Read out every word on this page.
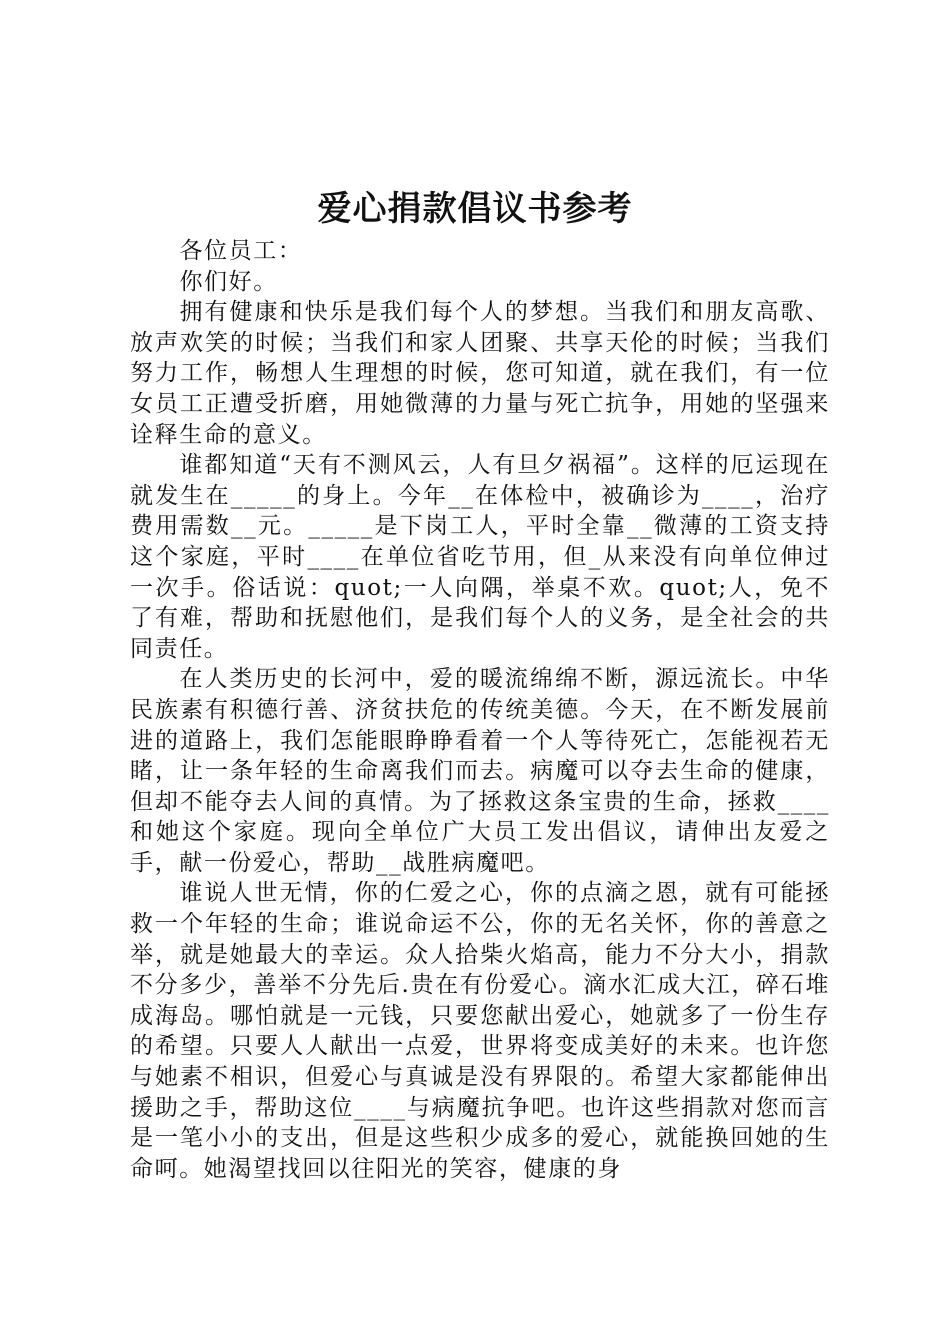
爱心捐款倡议书参考

各位员工：

你们好。

拥有健康和快乐是我们每个人的梦想。当我们和朋友高歌、放声欢笑的时候；当我们和家人团聚、共享天伦的时候；当我们努力工作，畅想人生理想的时候，您可知道，就在我们，有一位女员工正遭受折磨，用她微薄的力量与死亡抗争，用她的坚强来诠释生命的意义。

谁都知道“天有不测风云，人有旦夕祸福”。这样的厄运现在就发生在_____的身上。今年__在体检中，被确诊为____，治疗费用需数__元。_____是下岗工人，平时全靠__微薄的工资支持这个家庭，平时____在单位省吃节用，但_从来没有向单位伸过一次手。俗话说：quot;一人向隅，举桌不欢。quot;人，免不了有难，帮助和抚慰他们，是我们每个人的义务，是全社会的共同责任。

在人类历史的长河中，爱的暖流绵绵不断，源远流长。中华民族素有积德行善、济贫扶危的传统美德。今天，在不断发展前进的道路上，我们怎能眼睁睁看着一个人等待死亡，怎能视若无睹，让一条年轻的生命离我们而去。病魔可以夺去生命的健康，但却不能夺去人间的真情。为了拯救这条宝贵的生命，拯救____和她这个家庭。现向全单位广大员工发出倡议，请伸出友爱之手，献一份爱心，帮助__战胜病魔吧。

谁说人世无情，你的仁爱之心，你的点滴之恩，就有可能拯救一个年轻的生命；谁说命运不公，你的无名关怀，你的善意之举，就是她最大的幸运。众人拾柴火焰高，能力不分大小，捐款不分多少，善举不分先后.贵在有份爱心。滴水汇成大江，碎石堆成海岛。哪怕就是一元钱，只要您献出爱心，她就多了一份生存的希望。只要人人献出一点爱，世界将变成美好的未来。也许您与她素不相识，但爱心与真诚是没有界限的。希望大家都能伸出援助之手，帮助这位____与病魔抗争吧。也许这些捐款对您而言是一笔小小的支出，但是这些积少成多的爱心，就能换回她的生命呵。她渴望找回以往阳光的笑容，健康的身
